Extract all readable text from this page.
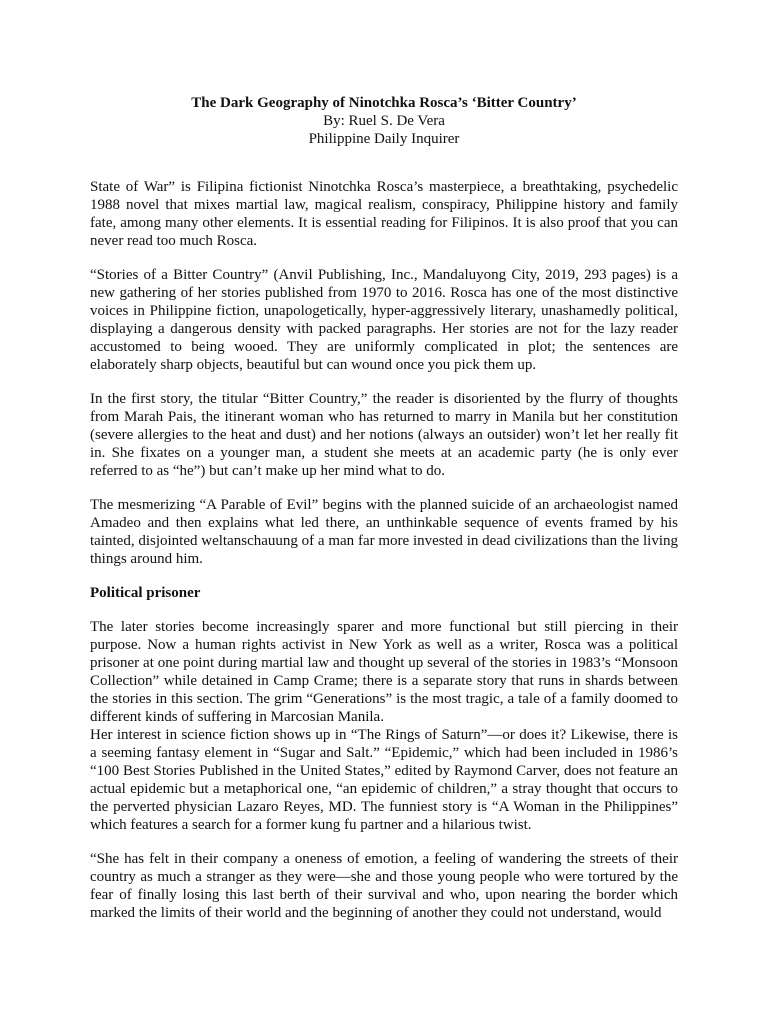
The Dark Geography of Ninotchka Rosca’s ‘Bitter Country’

By: Ruel S. De Vera

Philippine Daily Inquirer

State of War” is Filipina fictionist Ninotchka Rosca’s masterpiece, a breathtaking, psychedelic 1988 novel that mixes martial law, magical realism, conspiracy, Philippine history and family fate, among many other elements. It is essential reading for Filipinos. It is also proof that you can never read too much Rosca.

“Stories of a Bitter Country” (Anvil Publishing, Inc., Mandaluyong City, 2019, 293 pages) is a new gathering of her stories published from 1970 to 2016. Rosca has one of the most distinctive voices in Philippine fiction, unapologetically, hyper-aggressively literary, unashamedly political, displaying a dangerous density with packed paragraphs. Her stories are not for the lazy reader accustomed to being wooed. They are uniformly complicated in plot; the sentences are elaborately sharp objects, beautiful but can wound once you pick them up.

In the first story, the titular “Bitter Country,” the reader is disoriented by the flurry of thoughts from Marah Pais, the itinerant woman who has returned to marry in Manila but her constitution (severe allergies to the heat and dust) and her notions (always an outsider) won’t let her really fit in. She fixates on a younger man, a student she meets at an academic party (he is only ever referred to as “he”) but can’t make up her mind what to do.

The mesmerizing “A Parable of Evil” begins with the planned suicide of an archaeologist named Amadeo and then explains what led there, an unthinkable sequence of events framed by his tainted, disjointed weltanschauung of a man far more invested in dead civilizations than the living things around him.

Political prisoner

The later stories become increasingly sparer and more functional but still piercing in their purpose. Now a human rights activist in New York as well as a writer, Rosca was a political prisoner at one point during martial law and thought up several of the stories in 1983’s “Monsoon Collection” while detained in Camp Crame; there is a separate story that runs in shards between the stories in this section. The grim “Generations” is the most tragic, a tale of a family doomed to different kinds of suffering in Marcosian Manila.

Her interest in science fiction shows up in “The Rings of Saturn”—or does it? Likewise, there is a seeming fantasy element in “Sugar and Salt.” “Epidemic,” which had been included in 1986’s “100 Best Stories Published in the United States,” edited by Raymond Carver, does not feature an actual epidemic but a metaphorical one, “an epidemic of children,” a stray thought that occurs to the perverted physician Lazaro Reyes, MD. The funniest story is “A Woman in the Philippines” which features a search for a former kung fu partner and a hilarious twist.

“She has felt in their company a oneness of emotion, a feeling of wandering the streets of their country as much a stranger as they were—she and those young people who were tortured by the fear of finally losing this last berth of their survival and who, upon nearing the border which marked the limits of their world and the beginning of another they could not understand, would
